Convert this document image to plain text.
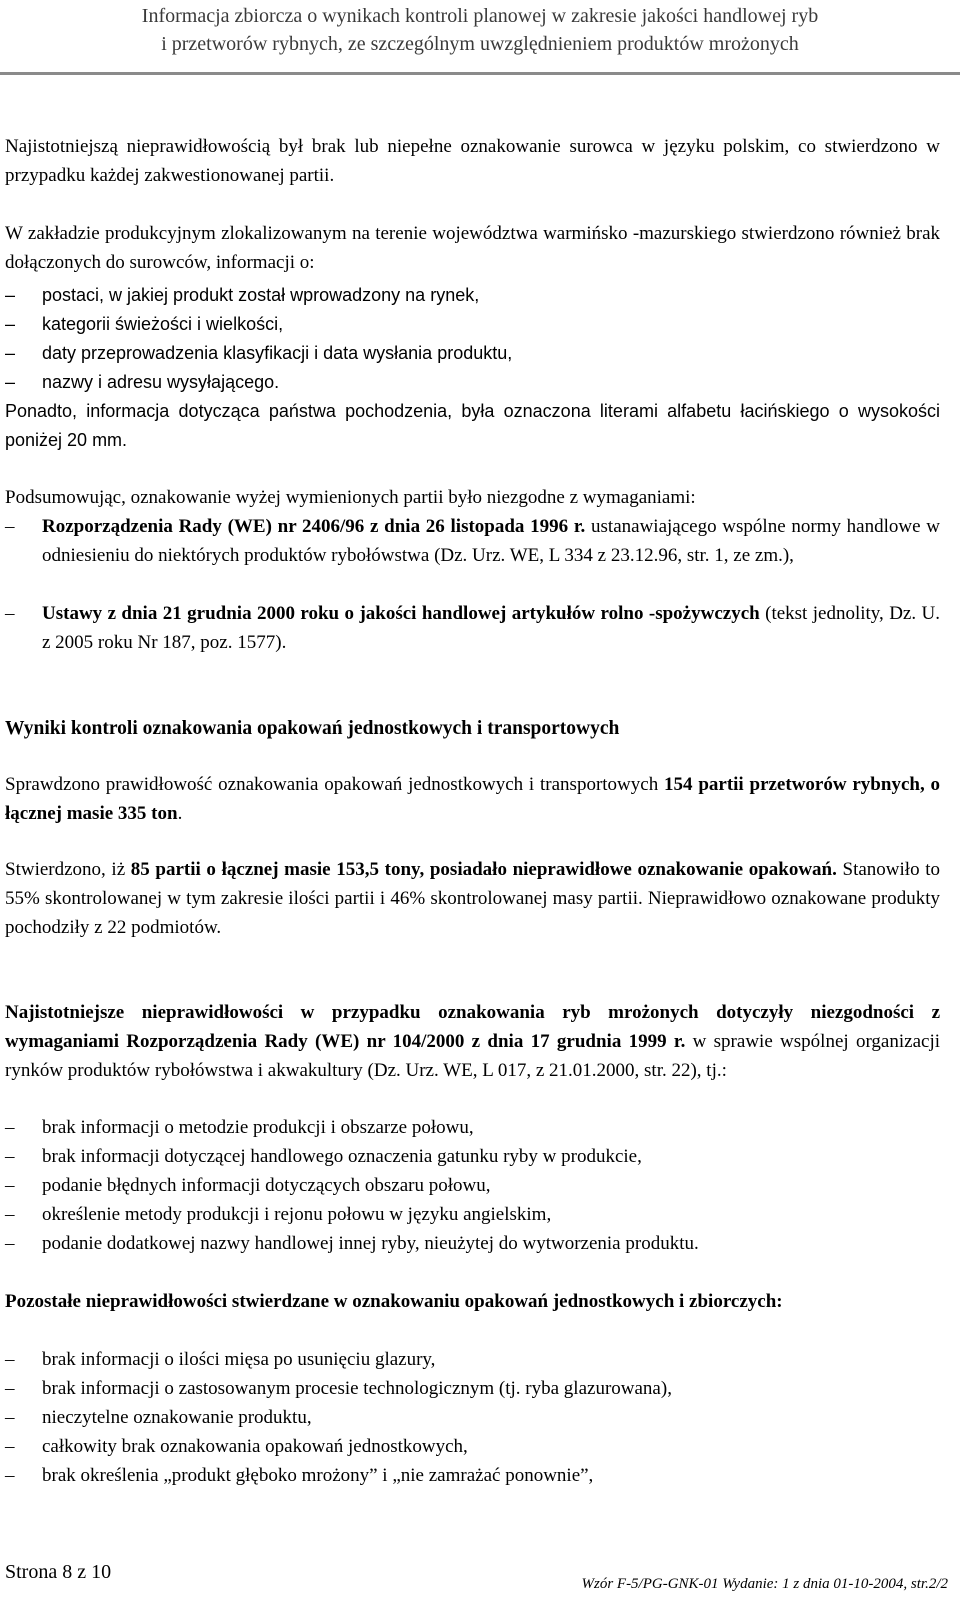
Informacja zbiorcza o wynikach kontroli planowej w zakresie jakości handlowej ryb
i przetworów rybnych, ze szczególnym uwzględnieniem produktów mrożonych
Najistotniejszą nieprawidłowością był brak lub niepełne oznakowanie surowca w języku polskim, co stwierdzono w przypadku każdej zakwestionowanej partii.
W zakładzie produkcyjnym zlokalizowanym na terenie województwa warmińsko -mazurskiego stwierdzono również brak dołączonych do surowców, informacji o:
–	postaci, w jakiej produkt został wprowadzony na rynek,
–	kategorii świeżości i wielkości,
–	daty przeprowadzenia klasyfikacji i data wysłania produktu,
–	nazwy i adresu wysyłającego.
Ponadto, informacja dotycząca państwa pochodzenia, była oznaczona literami alfabetu łacińskiego o wysokości poniżej 20 mm.
Podsumowując, oznakowanie wyżej wymienionych partii było niezgodne z wymaganiami:
–	Rozporządzenia Rady (WE) nr 2406/96 z dnia 26 listopada 1996 r. ustanawiającego wspólne normy handlowe w odniesieniu do niektórych produktów rybołówstwa (Dz. Urz. WE, L 334 z 23.12.96, str. 1, ze zm.),
–	Ustawy z dnia 21 grudnia 2000 roku o jakości handlowej artykułów rolno -spożywczych (tekst jednolity, Dz. U. z 2005 roku Nr 187, poz. 1577).
Wyniki kontroli oznakowania opakowań jednostkowych i transportowych
Sprawdzono prawidłowość oznakowania opakowań jednostkowych i transportowych 154 partii przetworów rybnych, o łącznej masie 335 ton.
Stwierdzono, iż 85 partii o łącznej masie 153,5 tony, posiadało nieprawidłowe oznakowanie opakowań. Stanowiło to 55% skontrolowanej w tym zakresie ilości partii i 46% skontrolowanej masy partii. Nieprawidłowo oznakowane produkty pochodziły z 22 podmiotów.
Najistotniejsze nieprawidłowości w przypadku oznakowania ryb mrożonych dotyczyły niezgodności z wymaganiami Rozporządzenia Rady (WE) nr 104/2000 z dnia 17 grudnia 1999 r. w sprawie wspólnej organizacji rynków produktów rybołówstwa i akwakultury (Dz. Urz. WE, L 017, z 21.01.2000, str. 22), tj.:
–	brak informacji o metodzie produkcji i obszarze połowu,
–	brak informacji dotyczącej handlowego oznaczenia gatunku ryby w produkcie,
–	podanie błędnych informacji dotyczących obszaru połowu,
–	określenie metody produkcji i rejonu połowu w języku angielskim,
–	podanie dodatkowej nazwy handlowej innej ryby, nieużytej do wytworzenia produktu.
Pozostałe nieprawidłowości stwierdzane w oznakowaniu opakowań jednostkowych i zbiorczych:
–	brak informacji o ilości mięsa po usunięciu glazury,
–	brak informacji o zastosowanym procesie technologicznym (tj. ryba glazurowana),
–	nieczytelne oznakowanie produktu,
–	całkowity brak oznakowania opakowań jednostkowych,
–	brak określenia „produkt głęboko mrożony” i „nie zamrażać ponownie”,
Strona 8 z 10
Wzór F-5/PG-GNK-01 Wydanie: 1 z dnia 01-10-2004, str.2/2
